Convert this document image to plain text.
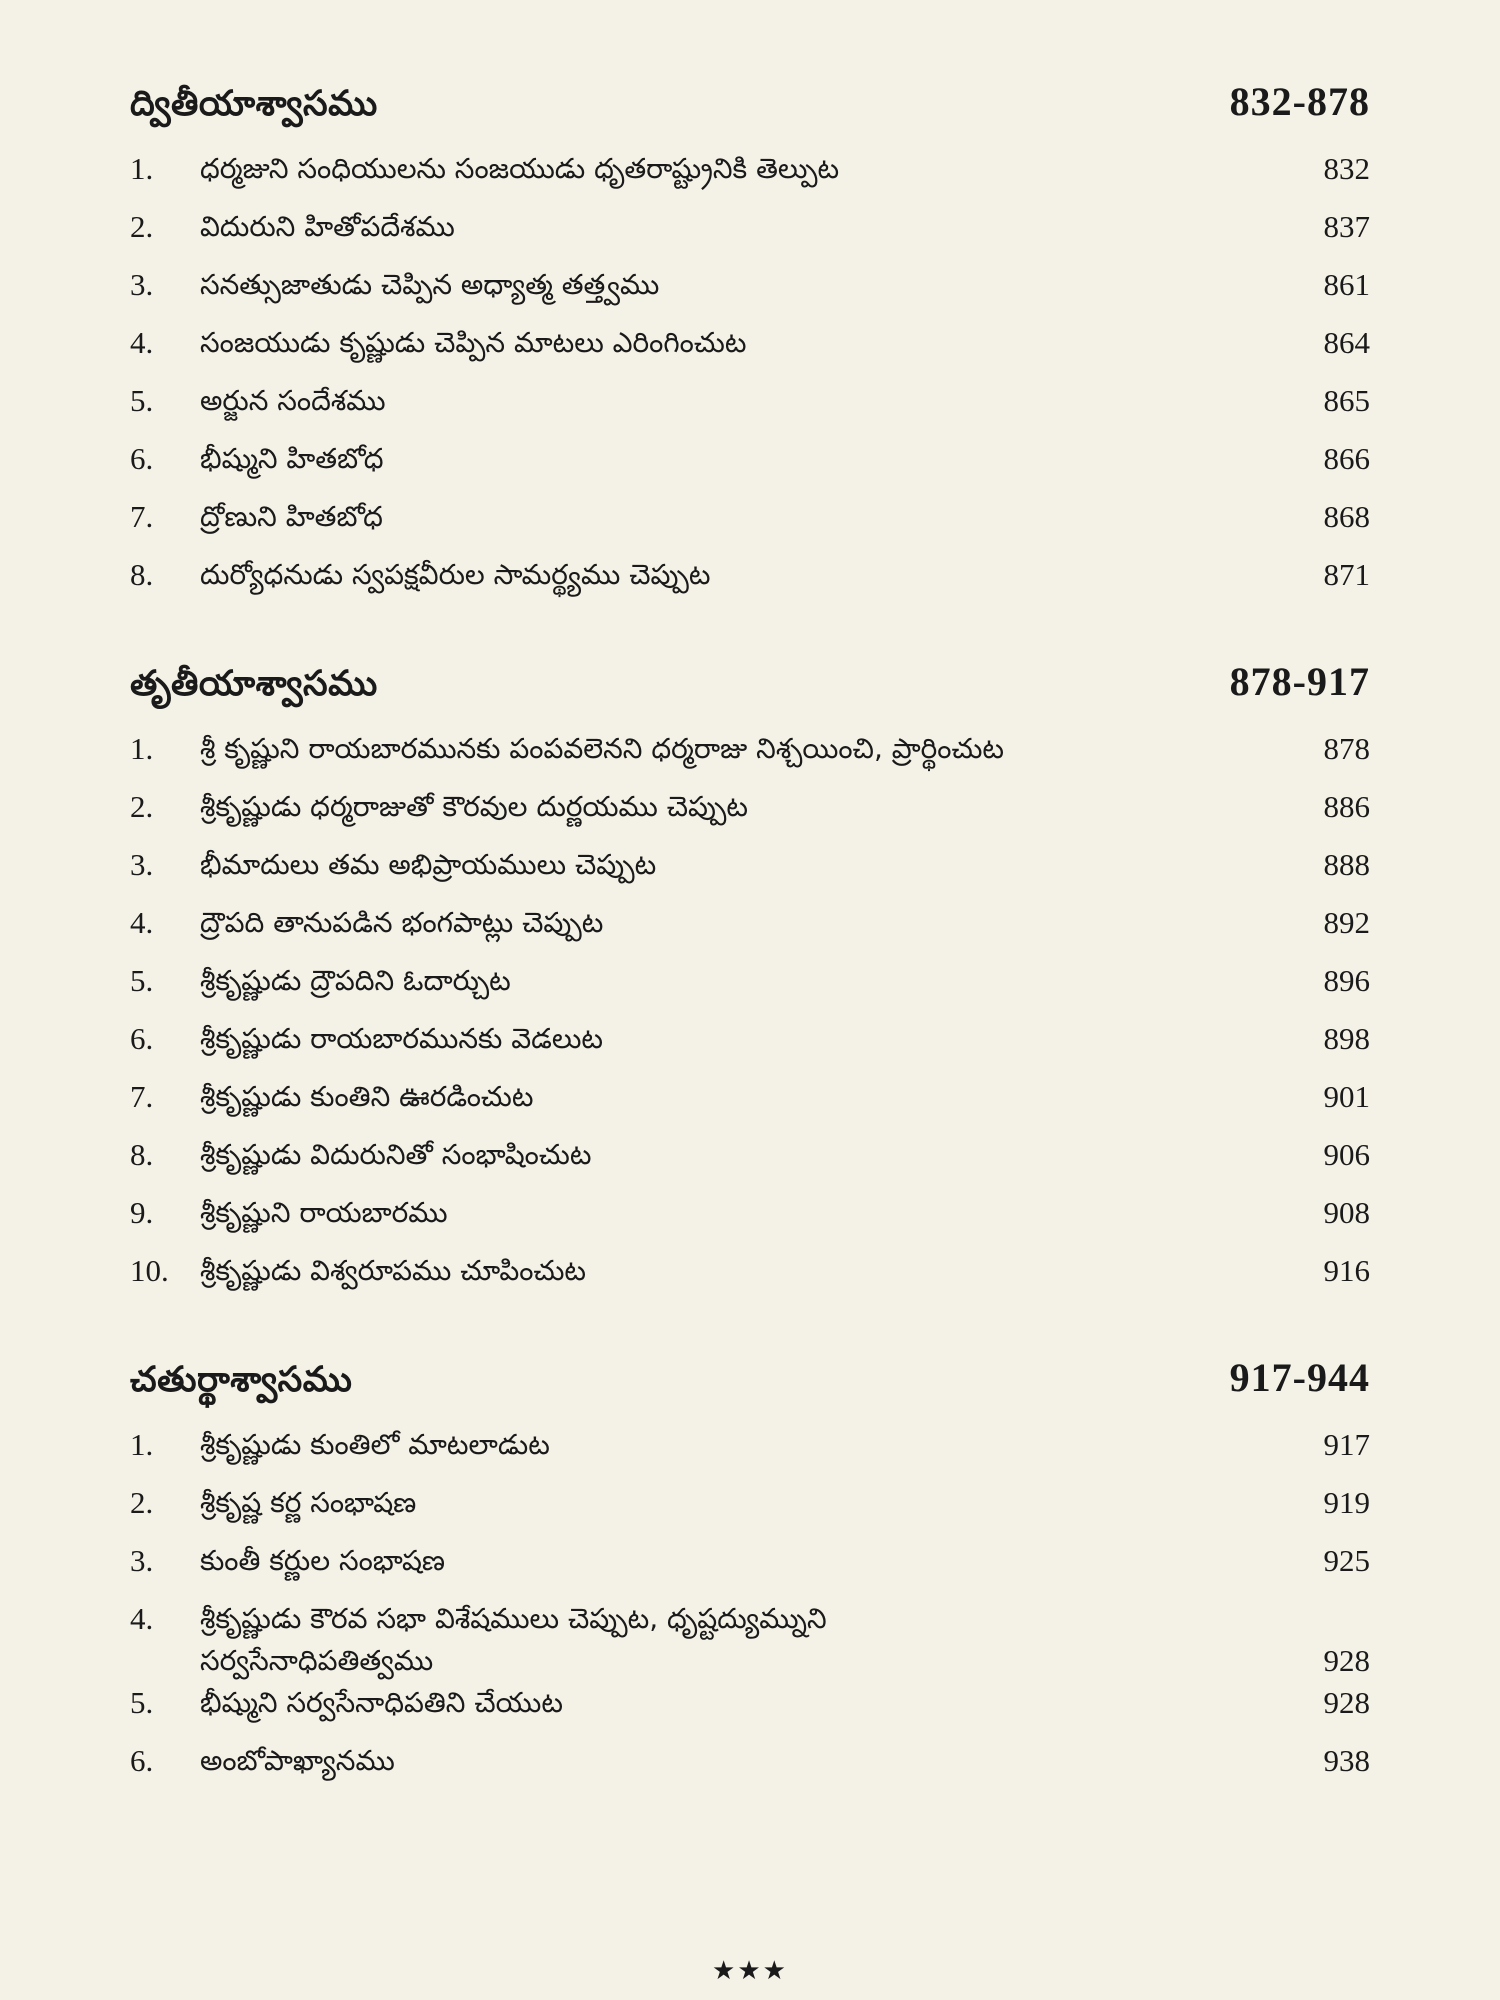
ద్వితీయాశ్వాసము	832-878
1.	ధర్మజుని సంధియులను సంజయుడు ధృతరాష్ట్రునికి తెల్పుట	832
2.	విదురుని హితోపదేశము	837
3.	సనత్సుజాతుడు చెప్పిన అధ్యాత్మ తత్త్వము	861
4.	సంజయుడు కృష్ణుడు చెప్పిన మాటలు ఎరింగించుట	864
5.	అర్జున సందేశము	865
6.	భీష్ముని హితబోధ	866
7.	ద్రోణుని హితబోధ	868
8.	దుర్యోధనుడు స్వపక్షవీరుల సామర్థ్యము చెప్పుట	871
తృతీయాశ్వాసము	878-917
1.	శ్రీ కృష్ణుని రాయబారమునకు పంపవలెనని ధర్మరాజు నిశ్చయించి, ప్రార్థించుట	878
2.	శ్రీకృష్ణుడు ధర్మరాజుతో కౌరవుల దుర్ణయము చెప్పుట	886
3.	భీమాదులు తమ అభిప్రాయములు చెప్పుట	888
4.	ద్రౌపది తానుపడిన భంగపాట్లు చెప్పుట	892
5.	శ్రీకృష్ణుడు ద్రౌపదిని ఓదార్చుట	896
6.	శ్రీకృష్ణుడు రాయబారమునకు వెడలుట	898
7.	శ్రీకృష్ణుడు కుంతిని ఊరడించుట	901
8.	శ్రీకృష్ణుడు విదురునితో సంభాషించుట	906
9.	శ్రీకృష్ణుని రాయబారము	908
10.	శ్రీకృష్ణుడు విశ్వరూపము చూపించుట	916
చతుర్థాశ్వాసము	917-944
1.	శ్రీకృష్ణుడు కుంతిలో మాటలాడుట	917
2.	శ్రీకృష్ణ కర్ణ సంభాషణ	919
3.	కుంతీ కర్ణుల సంభాషణ	925
4.	శ్రీకృష్ణుడు కౌరవ సభా విశేషములు చెప్పుట, ధృష్టద్యుమ్నుని
సర్వసేనాధిపతిత్వము	928
5.	భీష్ముని సర్వసేనాధిపతిని చేయుట	928
6.	అంబోపాఖ్యానము	938
★★★
